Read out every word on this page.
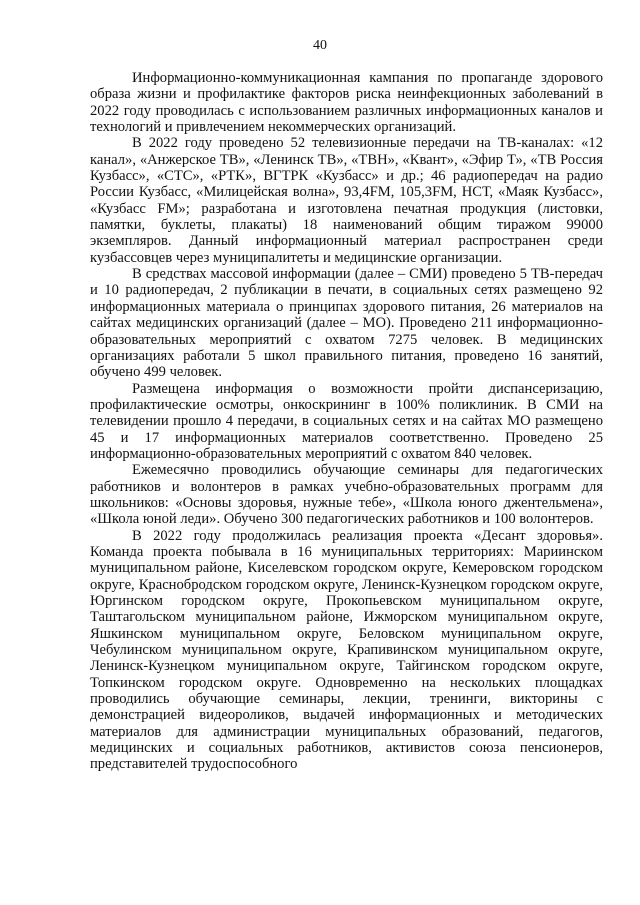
40

Информационно-коммуникационная кампания по пропаганде здорового образа жизни и профилактике факторов риска неинфекционных заболеваний в 2022 году проводилась с использованием различных информационных каналов и технологий и привлечением некоммерческих организаций.

В 2022 году проведено 52 телевизионные передачи на ТВ-каналах: «12 канал», «Анжерское ТВ», «Ленинск ТВ», «ТВН», «Квант», «Эфир Т», «ТВ Россия Кузбасс», «СТС», «РТК», ВГТРК «Кузбасс» и др.; 46 радиопередач на радио России Кузбасс, «Милицейская волна», 93,4FM, 105,3FM, НСТ, «Маяк Кузбасс», «Кузбасс FM»; разработана и изготовлена печатная продукция (листовки, памятки, буклеты, плакаты) 18 наименований общим тиражом 99000 экземпляров. Данный информационный материал распространен среди кузбассовцев через муниципалитеты и медицинские организации.

В средствах массовой информации (далее – СМИ) проведено 5 ТВ-передач и 10 радиопередач, 2 публикации в печати, в социальных сетях размещено 92 информационных материала о принципах здорового питания, 26 материалов на сайтах медицинских организаций (далее – МО). Проведено 211 информационно-образовательных мероприятий с охватом 7275 человек. В медицинских организациях работали 5 школ правильного питания, проведено 16 занятий, обучено 499 человек.

Размещена информация о возможности пройти диспансеризацию, профилактические осмотры, онкоскрининг в 100% поликлиник. В СМИ на телевидении прошло 4 передачи, в социальных сетях и на сайтах МО размещено 45 и 17 информационных материалов соответственно. Проведено 25 информационно-образовательных мероприятий с охватом 840 человек.

Ежемесячно проводились обучающие семинары для педагогических работников и волонтеров в рамках учебно-образовательных программ для школьников: «Основы здоровья, нужные тебе», «Школа юного джентельмена», «Школа юной леди». Обучено 300 педагогических работников и 100 волонтеров.

В 2022 году продолжилась реализация проекта «Десант здоровья». Команда проекта побывала в 16 муниципальных территориях: Мариинском муниципальном районе, Киселевском городском округе, Кемеровском городском округе, Краснобродском городском округе, Ленинск-Кузнецком городском округе, Юргинском городском округе, Прокопьевском муниципальном округе, Таштагольском муниципальном районе, Ижморском муниципальном округе, Яшкинском муниципальном округе, Беловском муниципальном округе, Чебулинском муниципальном округе, Крапивинском муниципальном округе, Ленинск-Кузнецком муниципальном округе, Тайгинском городском округе, Топкинском городском округе. Одновременно на нескольких площадках проводились обучающие семинары, лекции, тренинги, викторины с демонстрацией видеороликов, выдачей информационных и методических материалов для администрации муниципальных образований, педагогов, медицинских и социальных работников, активистов союза пенсионеров, представителей трудоспособного
